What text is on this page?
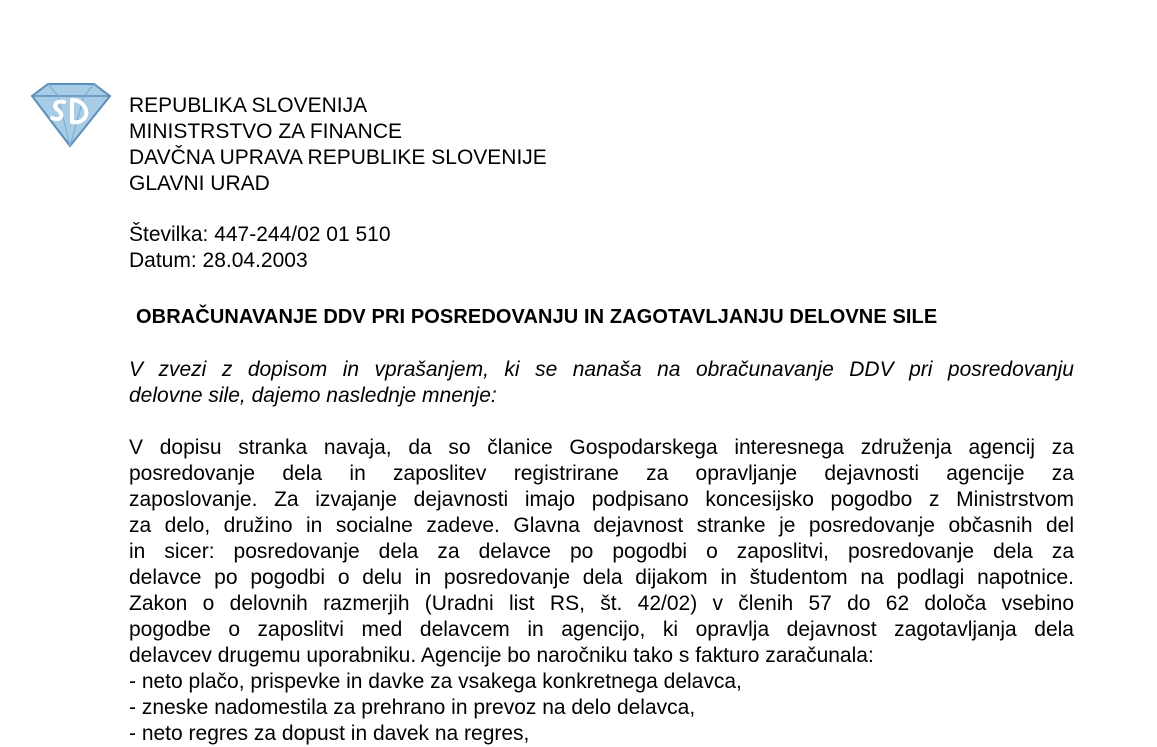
REPUBLIKA SLOVENIJA
MINISTRSTVO ZA FINANCE
DAVČNA UPRAVA REPUBLIKE SLOVENIJE
GLAVNI URAD
Številka: 447-244/02 01 510
Datum: 28.04.2003
OBRAČUNAVANJE DDV PRI POSREDOVANJU IN ZAGOTAVLJANJU DELOVNE SILE
V zvezi z dopisom in vprašanjem, ki se nanaša na obračunavanje DDV pri posredovanju
delovne sile, dajemo naslednje mnenje:
V dopisu stranka navaja, da so članice Gospodarskega interesnega združenja agencij za
posredovanje dela in zaposlitev registrirane za opravljanje dejavnosti agencije za
zaposlovanje. Za izvajanje dejavnosti imajo podpisano koncesijsko pogodbo z Ministrstvom
za delo, družino in socialne zadeve. Glavna dejavnost stranke je posredovanje občasnih del
in sicer: posredovanje dela za delavce po pogodbi o zaposlitvi, posredovanje dela za
delavce po pogodbi o delu in posredovanje dela dijakom in študentom na podlagi napotnice.
Zakon o delovnih razmerjih (Uradni list RS, št. 42/02) v členih 57 do 62 določa vsebino
pogodbe o zaposlitvi med delavcem in agencijo, ki opravlja dejavnost zagotavljanja dela
delavcev drugemu uporabniku. Agencije bo naročniku tako s fakturo zaračunala:
- neto plačo, prispevke in davke za vsakega konkretnega delavca,
- zneske nadomestila za prehrano in prevoz na delo delavca,
- neto regres za dopust in davek na regres,
